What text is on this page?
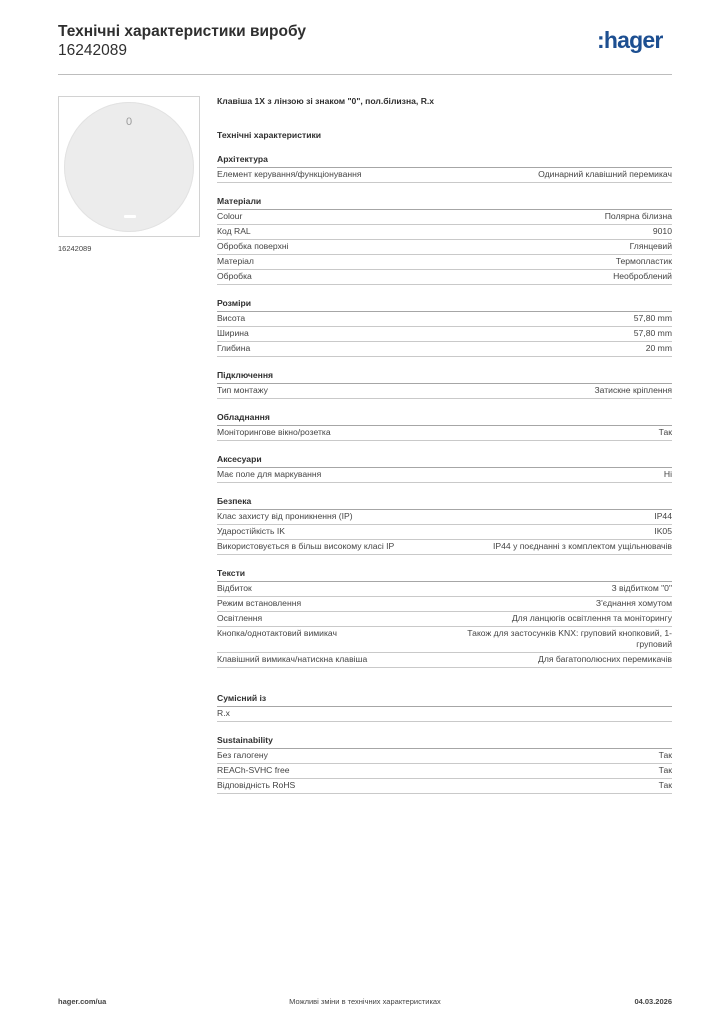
Технічні характеристики виробу
16242089	:hager
0
16242089
Клавіша 1X з лінзою зі знаком "0", пол.білизна, R.x
Технічні характеристики
Архітектура
Елемент керування/функціонування	Одинарний клавішний перемикач
Матеріали
Colour	Полярна білизна
Код RAL	9010
Обробка поверхні	Глянцевий
Матеріал	Термопластик
Обробка	Необроблений
Розміри
Висота	57,80 mm
Ширина	57,80 mm
Глибина	20 mm
Підключення
Тип монтажу	Затискне кріплення
Обладнання
Моніторингове вікно/розетка	Так
Аксесуари
Має поле для маркування	Ні
Безпека
Клас захисту від проникнення (IP)	IP44
Ударостійкість IK	IK05
Використовується в більш високому класі IP	IP44 у поєднанні з комплектом ущільнювачів
Тексти
Відбиток	З відбитком "0"
Режим встановлення	З'єднання хомутом
Освітлення	Для ланцюгів освітлення та моніторингу
Кнопка/однотактовий вимикач	Також для застосунків KNX: груповий кнопковий, 1-груповий
Клавішний вимикач/натискна клавіша	Для багатополюсних перемикачів
Сумісний із
R.x
Sustainability
Без галогену	Так
REACh-SVHC free	Так
Відповідність RoHS	Так
hager.com/ua	Можливі зміни в технічних характеристиках	04.03.2026
